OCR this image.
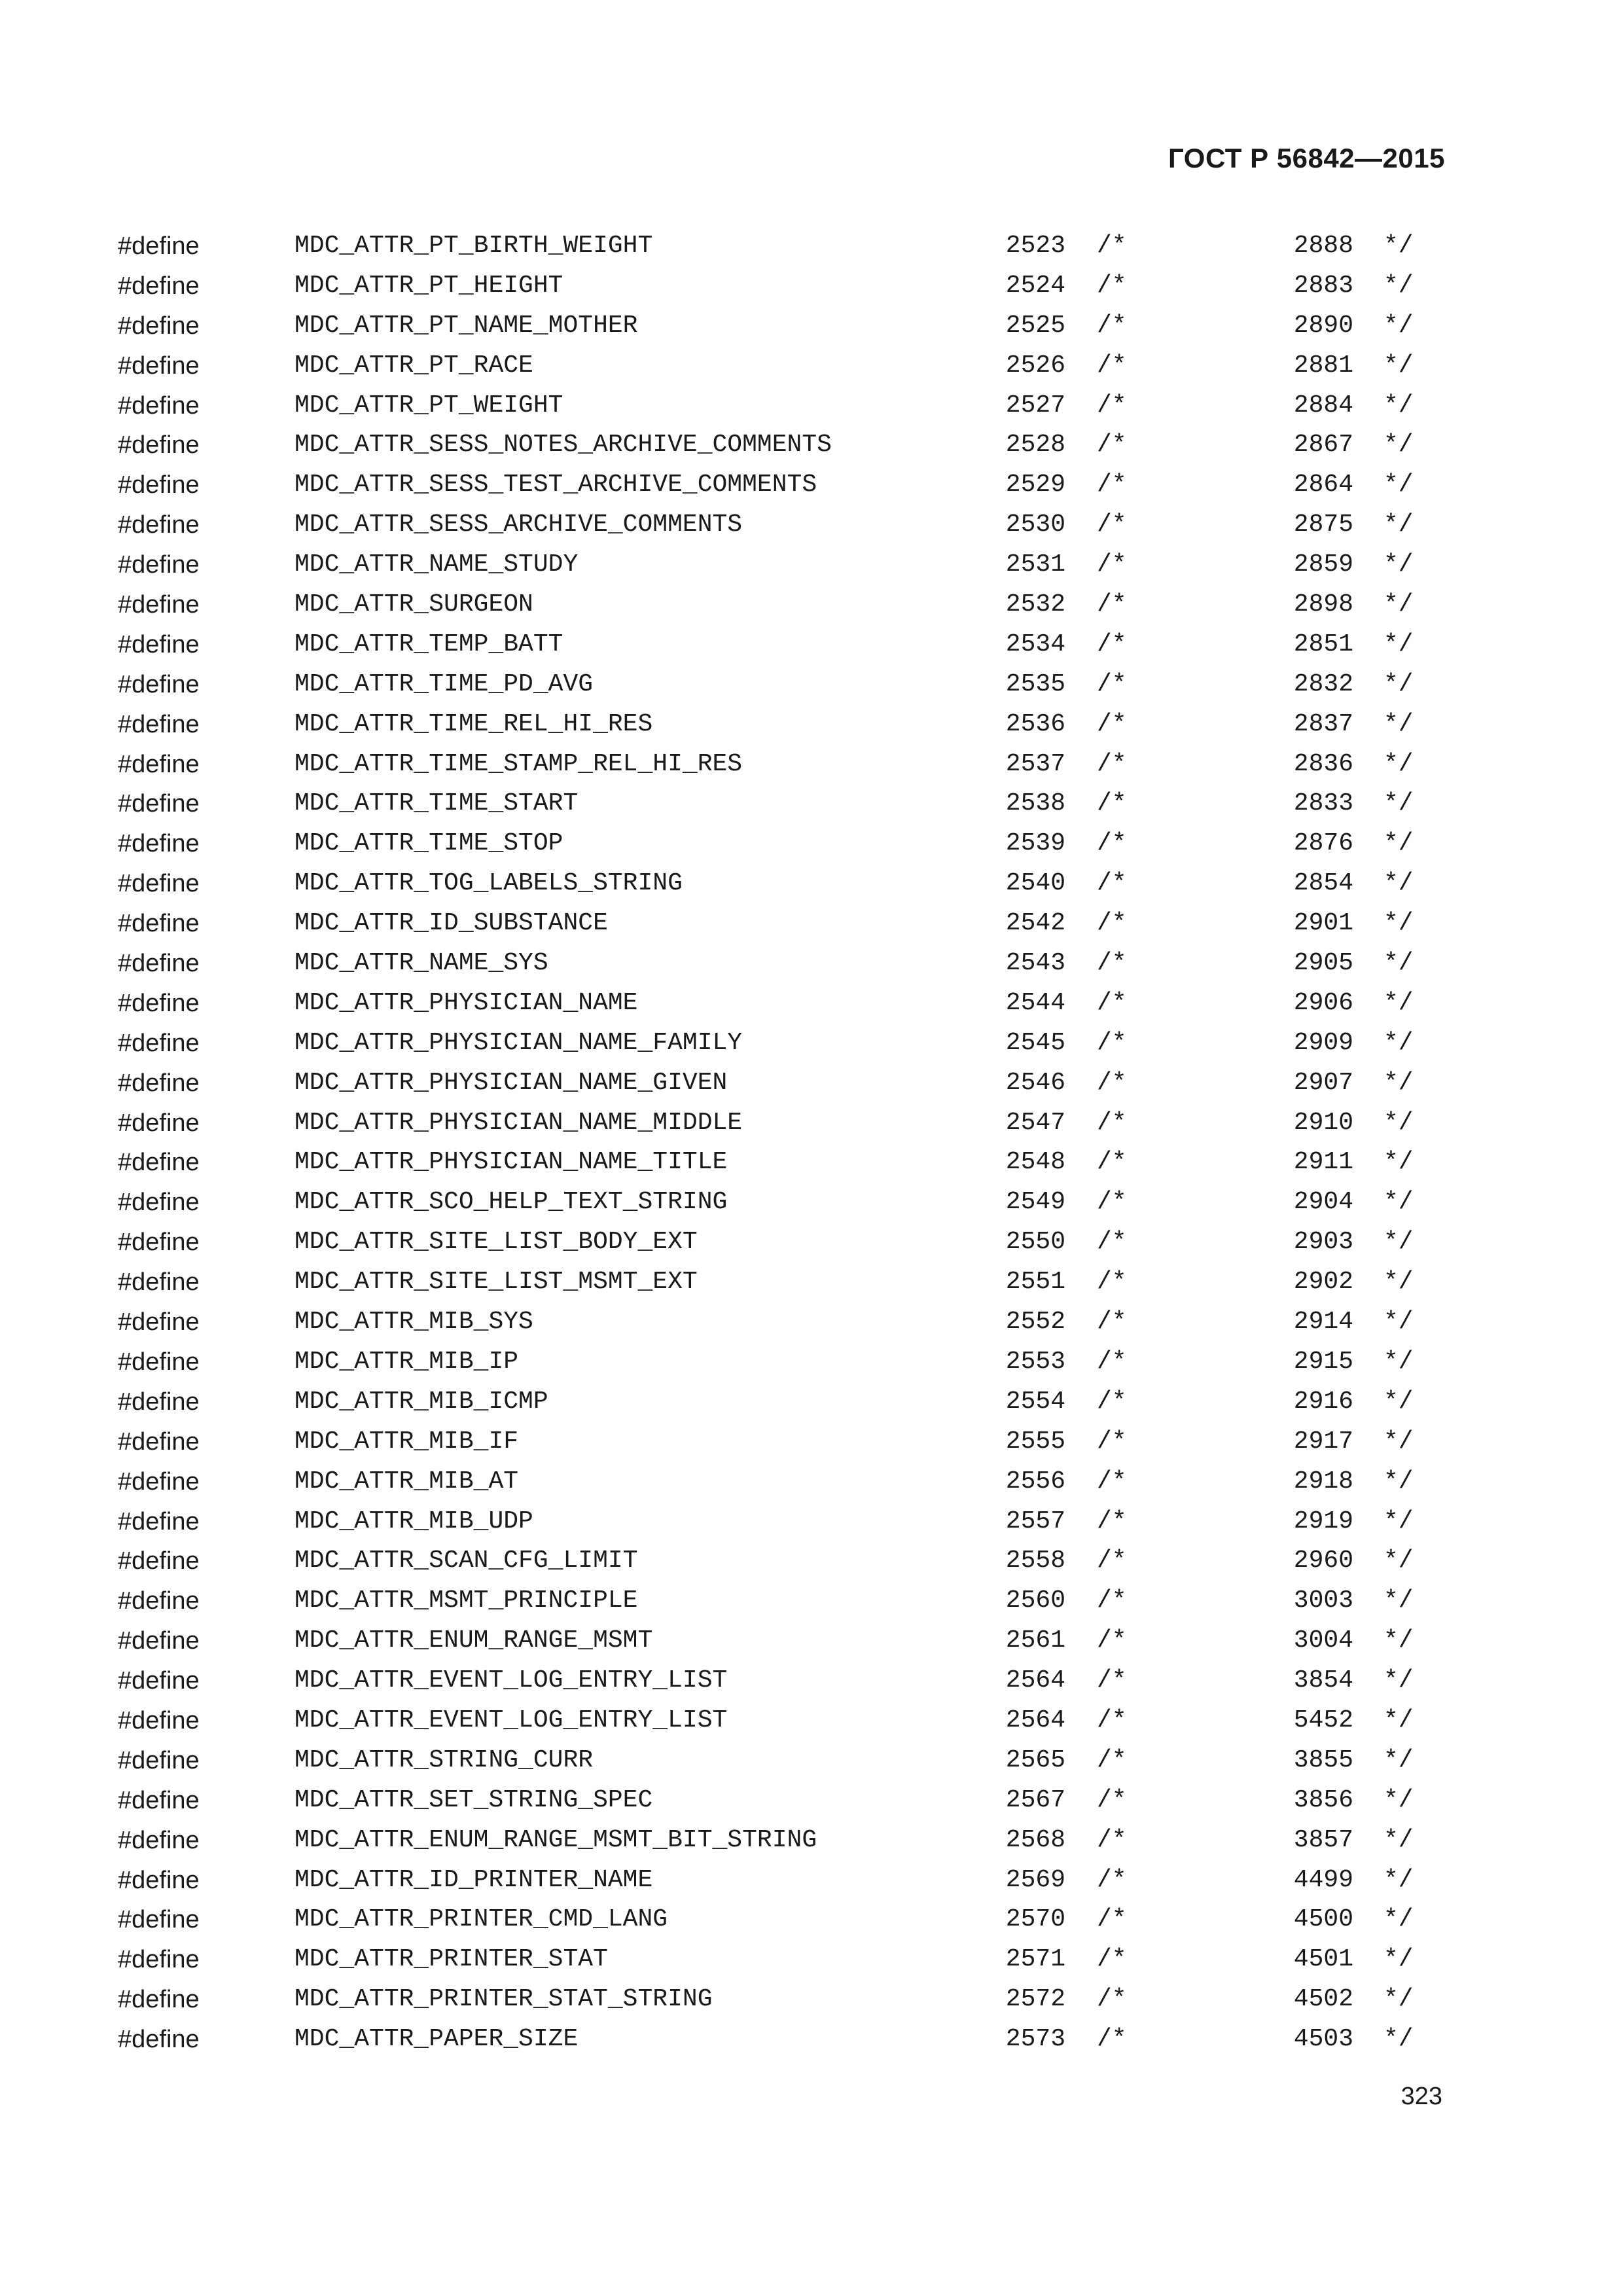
ГОСТ Р 56842—2015
#define	MDC_ATTR_PT_BIRTH_WEIGHT	2523 /*	2888 */
#define	MDC_ATTR_PT_HEIGHT	2524 /*	2883 */
#define	MDC_ATTR_PT_NAME_MOTHER	2525 /*	2890 */
#define	MDC_ATTR_PT_RACE	2526 /*	2881 */
#define	MDC_ATTR_PT_WEIGHT	2527 /*	2884 */
#define	MDC_ATTR_SESS_NOTES_ARCHIVE_COMMENTS	2528 /*	2867 */
#define	MDC_ATTR_SESS_TEST_ARCHIVE_COMMENTS	2529 /*	2864 */
#define	MDC_ATTR_SESS_ARCHIVE_COMMENTS	2530 /*	2875 */
#define	MDC_ATTR_NAME_STUDY	2531 /*	2859 */
#define	MDC_ATTR_SURGEON	2532 /*	2898 */
#define	MDC_ATTR_TEMP_BATT	2534 /*	2851 */
#define	MDC_ATTR_TIME_PD_AVG	2535 /*	2832 */
#define	MDC_ATTR_TIME_REL_HI_RES	2536 /*	2837 */
#define	MDC_ATTR_TIME_STAMP_REL_HI_RES	2537 /*	2836 */
#define	MDC_ATTR_TIME_START	2538 /*	2833 */
#define	MDC_ATTR_TIME_STOP	2539 /*	2876 */
#define	MDC_ATTR_TOG_LABELS_STRING	2540 /*	2854 */
#define	MDC_ATTR_ID_SUBSTANCE	2542 /*	2901 */
#define	MDC_ATTR_NAME_SYS	2543 /*	2905 */
#define	MDC_ATTR_PHYSICIAN_NAME	2544 /*	2906 */
#define	MDC_ATTR_PHYSICIAN_NAME_FAMILY	2545 /*	2909 */
#define	MDC_ATTR_PHYSICIAN_NAME_GIVEN	2546 /*	2907 */
#define	MDC_ATTR_PHYSICIAN_NAME_MIDDLE	2547 /*	2910 */
#define	MDC_ATTR_PHYSICIAN_NAME_TITLE	2548 /*	2911 */
#define	MDC_ATTR_SCO_HELP_TEXT_STRING	2549 /*	2904 */
#define	MDC_ATTR_SITE_LIST_BODY_EXT	2550 /*	2903 */
#define	MDC_ATTR_SITE_LIST_MSMT_EXT	2551 /*	2902 */
#define	MDC_ATTR_MIB_SYS	2552 /*	2914 */
#define	MDC_ATTR_MIB_IP	2553 /*	2915 */
#define	MDC_ATTR_MIB_ICMP	2554 /*	2916 */
#define	MDC_ATTR_MIB_IF	2555 /*	2917 */
#define	MDC_ATTR_MIB_AT	2556 /*	2918 */
#define	MDC_ATTR_MIB_UDP	2557 /*	2919 */
#define	MDC_ATTR_SCAN_CFG_LIMIT	2558 /*	2960 */
#define	MDC_ATTR_MSMT_PRINCIPLE	2560 /*	3003 */
#define	MDC_ATTR_ENUM_RANGE_MSMT	2561 /*	3004 */
#define	MDC_ATTR_EVENT_LOG_ENTRY_LIST	2564 /*	3854 */
#define	MDC_ATTR_EVENT_LOG_ENTRY_LIST	2564 /*	5452 */
#define	MDC_ATTR_STRING_CURR	2565 /*	3855 */
#define	MDC_ATTR_SET_STRING_SPEC	2567 /*	3856 */
#define	MDC_ATTR_ENUM_RANGE_MSMT_BIT_STRING	2568 /*	3857 */
#define	MDC_ATTR_ID_PRINTER_NAME	2569 /*	4499 */
#define	MDC_ATTR_PRINTER_CMD_LANG	2570 /*	4500 */
#define	MDC_ATTR_PRINTER_STAT	2571 /*	4501 */
#define	MDC_ATTR_PRINTER_STAT_STRING	2572 /*	4502 */
#define	MDC_ATTR_PAPER_SIZE	2573 /*	4503 */
323
